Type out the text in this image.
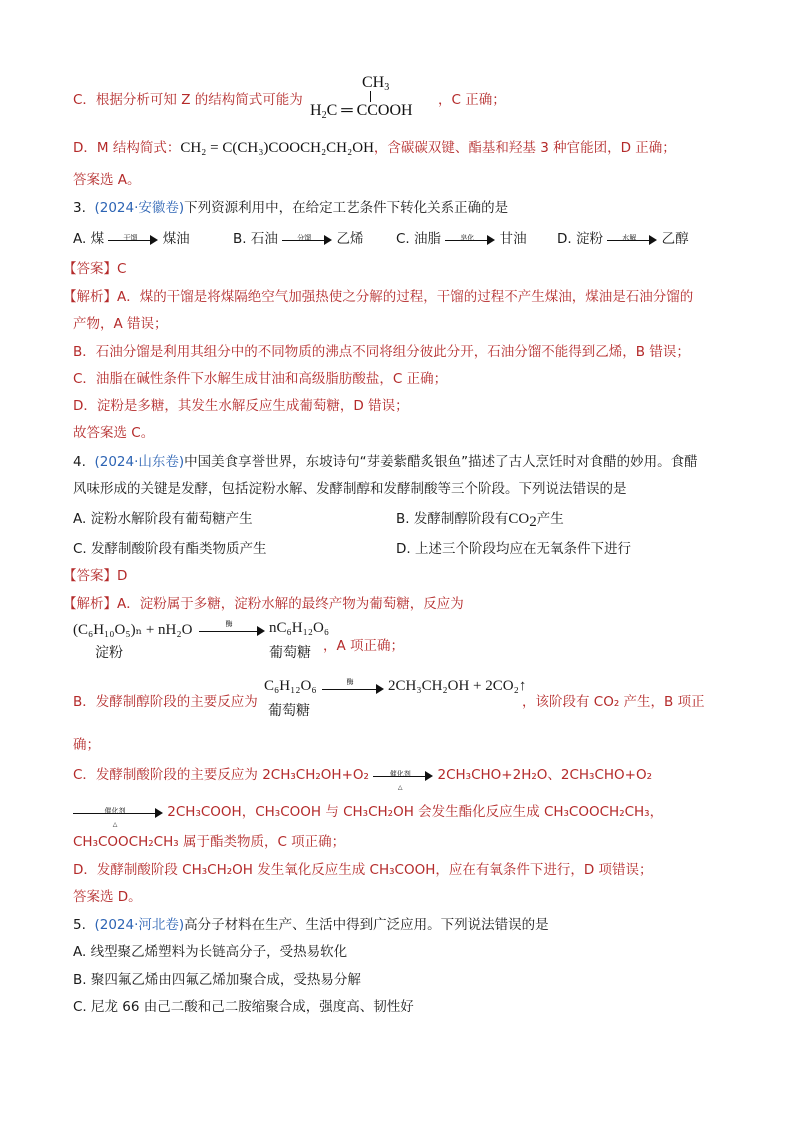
C．根据分析可知 Z 的结构简式可能为
$CH_3$
$H_2C$ ═ CCOOH
，C 正确；
D．M 结构简式：CH₂ = C(CH₃)COOCH₂CH₂OH，含碳碳双键、酯基和羟基 3 种官能团，D 正确；
答案选 A。
3. (2024·安徽卷)下列资源利用中，在给定工艺条件下转化关系正确的是
A. 煤	干馏	煤油	B. 石油	分馏	乙烯 C. 油脂	皂化	甘油 D. 淀粉	水解	乙醇
【答案】C
【解析】A．煤的干馏是将煤隔绝空气加强热使之分解的过程，干馏的过程不产生煤油，煤油是石油分馏的
产物，A 错误；
B．石油分馏是利用其组分中的不同物质的沸点不同将组分彼此分开，石油分馏不能得到乙烯，B 错误；
C．油脂在碱性条件下水解生成甘油和高级脂肪酸盐，C 正确；
D．淀粉是多糖，其发生水解反应生成葡萄糖，D 错误；
故答案选 C。
4. (2024·山东卷)中国美食享誉世界，东坡诗句“芽姜紫醋炙银鱼”描述了古人烹饪时对食醋的妙用。食醋
风味形成的关键是发酵，包括淀粉水解、发酵制醇和发酵制酸等三个阶段。下列说法错误的是
A. 淀粉水解阶段有葡萄糖产生	B. 发酵制醇阶段有$CO_2$产生
C. 发酵制酸阶段有酯类物质产生	D. 上述三个阶段均应在无氧条件下进行
【答案】D
【解析】A．淀粉属于多糖，淀粉水解的最终产物为葡萄糖，反应为
(C₆H₁₀O₅)ₙ + nH₂O	酶	nC₆H₁₂O₆
淀粉	葡萄糖 ，A 项正确；
B．发酵制醇阶段的主要反应为
C₆H₁₂O₆
葡萄糖
酶	2CH₃CH₂OH + 2CO₂↑
，该阶段有 CO₂ 产生，B 项正
确；
C．发酵制酸阶段的主要反应为 2CH₃CH₂OH+O₂	催化剂
△
2CH₃CHO+2H₂O、2CH₃CHO+O₂
催化剂
△
2CH₃COOH，CH₃COOH 与 CH₃CH₂OH 会发生酯化反应生成 CH₃COOCH₂CH₃，
CH₃COOCH₂CH₃ 属于酯类物质，C 项正确；
D．发酵制酸阶段 CH₃CH₂OH 发生氧化反应生成 CH₃COOH，应在有氧条件下进行，D 项错误；
答案选 D。
5. (2024·河北卷)高分子材料在生产、生活中得到广泛应用。下列说法错误的是
A. 线型聚乙烯塑料为长链高分子，受热易软化
B. 聚四氟乙烯由四氟乙烯加聚合成，受热易分解
C. 尼龙 66 由己二酸和己二胺缩聚合成，强度高、韧性好
